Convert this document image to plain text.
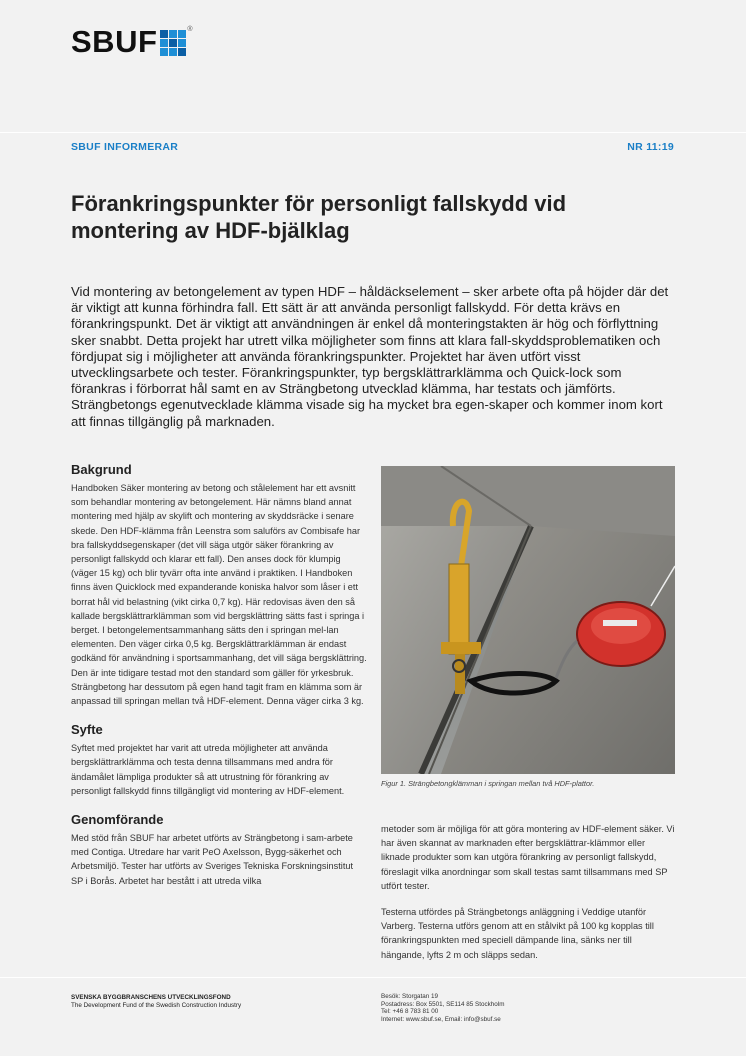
SBUF	®
SBUF INFORMERAR	NR 11:19
Förankringspunkter för personligt fallskydd vid montering av HDF-bjälklag

Vid montering av betongelement av typen HDF – håldäckselement – sker arbete ofta på höjder där det är viktigt att kunna förhindra fall. Ett sätt är att använda personligt fallskydd. För detta krävs en förankringspunkt. Det är viktigt att användningen är enkel då monteringstakten är hög och förflyttning sker snabbt. Detta projekt har utrett vilka möjligheter som finns att klara fall-skyddsproblematiken och fördjupat sig i möjligheter att använda förankringspunkter. Projektet har även utfört visst utvecklingsarbete och tester. Förankringspunkter, typ bergsklättrarklämma och Quick-lock som förankras i förborrat hål samt en av Strängbetong utvecklad klämma, har testats och jämförts. Strängbetongs egenutvecklade klämma visade sig ha mycket bra egen-skaper och kommer inom kort att finnas tillgänglig på marknaden.

Bakgrund

Handboken Säker montering av betong och stålelement har ett avsnitt som behandlar montering av betongelement. Här nämns bland annat montering med hjälp av skylift och montering av skyddsräcke i senare skede. Den HDF-klämma från Leenstra som saluförs av Combisafe har bra fallskyddsegenskaper (det vill säga utgör säker förankring av personligt fallskydd och klarar ett fall). Den anses dock för klumpig (väger 15 kg) och blir tyvärr ofta inte använd i praktiken. I Handboken finns även Quicklock med expanderande koniska halvor som låser i ett borrat hål vid belastning (vikt cirka 0,7 kg). Här redovisas även den så kallade bergsklättrarklämman som vid bergsklättring sätts fast i springa i berget. I betongelementsammanhang sätts den i springan mel-lan elementen. Den väger cirka 0,5 kg. Bergsklättrarklämman är endast godkänd för användning i sportsammanhang, det vill säga bergsklättring. Den är inte tidigare testad mot den standard som gäller för yrkesbruk. Strängbetong har dessutom på egen hand tagit fram en klämma som är anpassad till springan mellan två HDF-element. Denna väger cirka 3 kg.

Syfte

Syftet med projektet har varit att utreda möjligheter att använda bergsklättrarklämma och testa denna tillsammans med andra för ändamålet lämpliga produkter så att utrustning för förankring av personligt fallskydd finns tillgängligt vid montering av HDF-element.

Genomförande

Med stöd från SBUF har arbetet utförts av Strängbetong i sam-arbete med Contiga. Utredare har varit PeO Axelsson, Bygg-säkerhet och Arbetsmiljö. Tester har utförts av Sveriges Tekniska Forskningsinstitut SP i Borås. Arbetet har bestått i att utreda vilka

Figur 1. Strängbetongklämman i springan mellan två HDF-plattor.

metoder som är möjliga för att göra montering av HDF-element säker. Vi har även skannat av marknaden efter bergsklättrar-klämmor eller liknade produkter som kan utgöra förankring av personligt fallskydd, föreslagit vilka anordningar som skall testas samt tillsammans med SP utfört tester.

Testerna utfördes på Strängbetongs anläggning i Veddige utanför Varberg. Testerna utförs genom att en stålvikt på 100 kg kopplas till förankringspunkten med speciell dämpande lina, sänks ner till hängande, lyfts 2 m och släpps sedan.

SVENSKA BYGGBRANSCHENS UTVECKLINGSFOND
The Development Fund of the Swedish Construction Industry
Besök: Storgatan 19
Postadress: Box 5501, SE114 85 Stockholm
Tel: +46 8 783 81 00
Internet: www.sbuf.se, Email: info@sbuf.se
